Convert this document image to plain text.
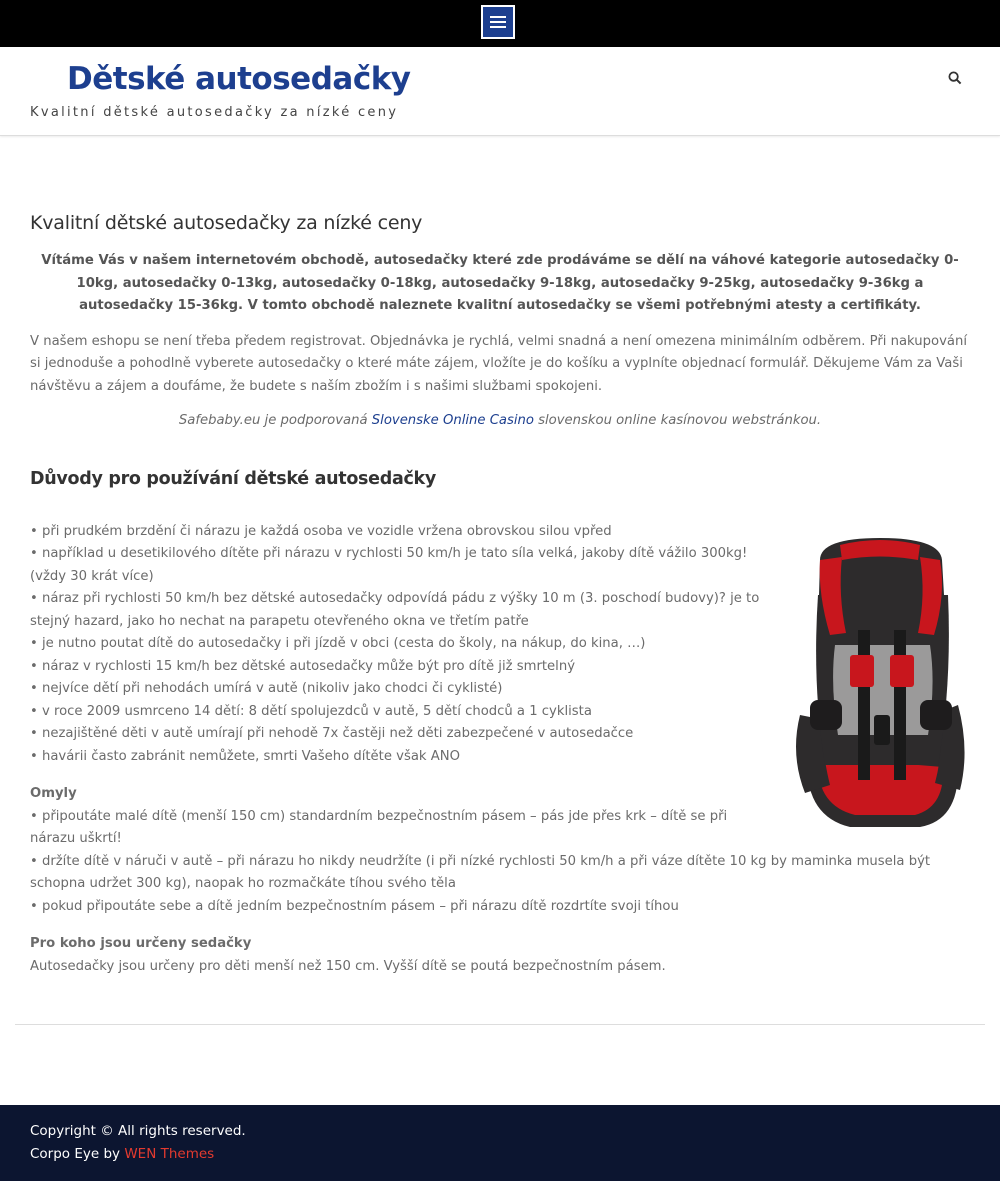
Dětské autosedačky
Kvalitní dětské autosedačky za nízké ceny
Kvalitní dětské autosedačky za nízké ceny

Vítáme Vás v našem internetovém obchodě, autosedačky které zde prodáváme se dělí na váhové kategorie autosedačky 0-10kg, autosedačky 0-13kg, autosedačky 0-18kg, autosedačky 9-18kg, autosedačky 9-25kg, autosedačky 9-36kg a autosedačky 15-36kg. V tomto obchodě naleznete kvalitní autosedačky se všemi potřebnými atesty a certifikáty.

V našem eshopu se není třeba předem registrovat. Objednávka je rychlá, velmi snadná a není omezena minimálním odběrem. Při nakupování si jednoduše a pohodlně vyberete autosedačky o které máte zájem, vložíte je do košíku a vyplníte objednací formulář. Děkujeme Vám za Vaši návštěvu a zájem a doufáme, že budete s naším zbožím i s našimi službami spokojeni.

Safebaby.eu je podporovaná Slovenske Online Casino slovenskou online kasínovou webstránkou.

Důvody pro používání dětské autosedačky
• při prudkém brzdění či nárazu je každá osoba ve vozidle vržena obrovskou silou vpřed
• například u desetikilového dítěte při nárazu v rychlosti 50 km/h je tato síla velká, jakoby dítě vážilo 300kg! (vždy 30 krát více)
• náraz při rychlosti 50 km/h bez dětské autosedačky odpovídá pádu z výšky 10 m (3. poschodí budovy)? je to stejný hazard, jako ho nechat na parapetu otevřeného okna ve třetím patře
• je nutno poutat dítě do autosedačky i při jízdě v obci (cesta do školy, na nákup, do kina, …)
• náraz v rychlosti 15 km/h bez dětské autosedačky může být pro dítě již smrtelný
• nejvíce dětí při nehodách umírá v autě (nikoliv jako chodci či cyklisté)
• v roce 2009 usmrceno 14 dětí: 8 dětí spolujezdců v autě, 5 dětí chodců a 1 cyklista
• nezajištěné děti v autě umírají při nehodě 7x častěji než děti zabezpečené v autosedačce
• havárii často zabránit nemůžete, smrti Vašeho dítěte však ANO
Omyly
• připoutáte malé dítě (menší 150 cm) standardním bezpečnostním pásem – pás jde přes krk – dítě se při nárazu uškrtí!
• držíte dítě v náruči v autě – při nárazu ho nikdy neudržíte (i při nízké rychlosti 50 km/h a při váze dítěte 10 kg by maminka musela být schopna udržet 300 kg), naopak ho rozmačkáte tíhou svého těla
• pokud připoutáte sebe a dítě jedním bezpečnostním pásem – při nárazu dítě rozdrtíte svoji tíhou
Pro koho jsou určeny sedačky
Autosedačky jsou určeny pro děti menší než 150 cm. Vyšší dítě se poutá bezpečnostním pásem.
Copyright © All rights reserved.
Corpo Eye by WEN Themes
